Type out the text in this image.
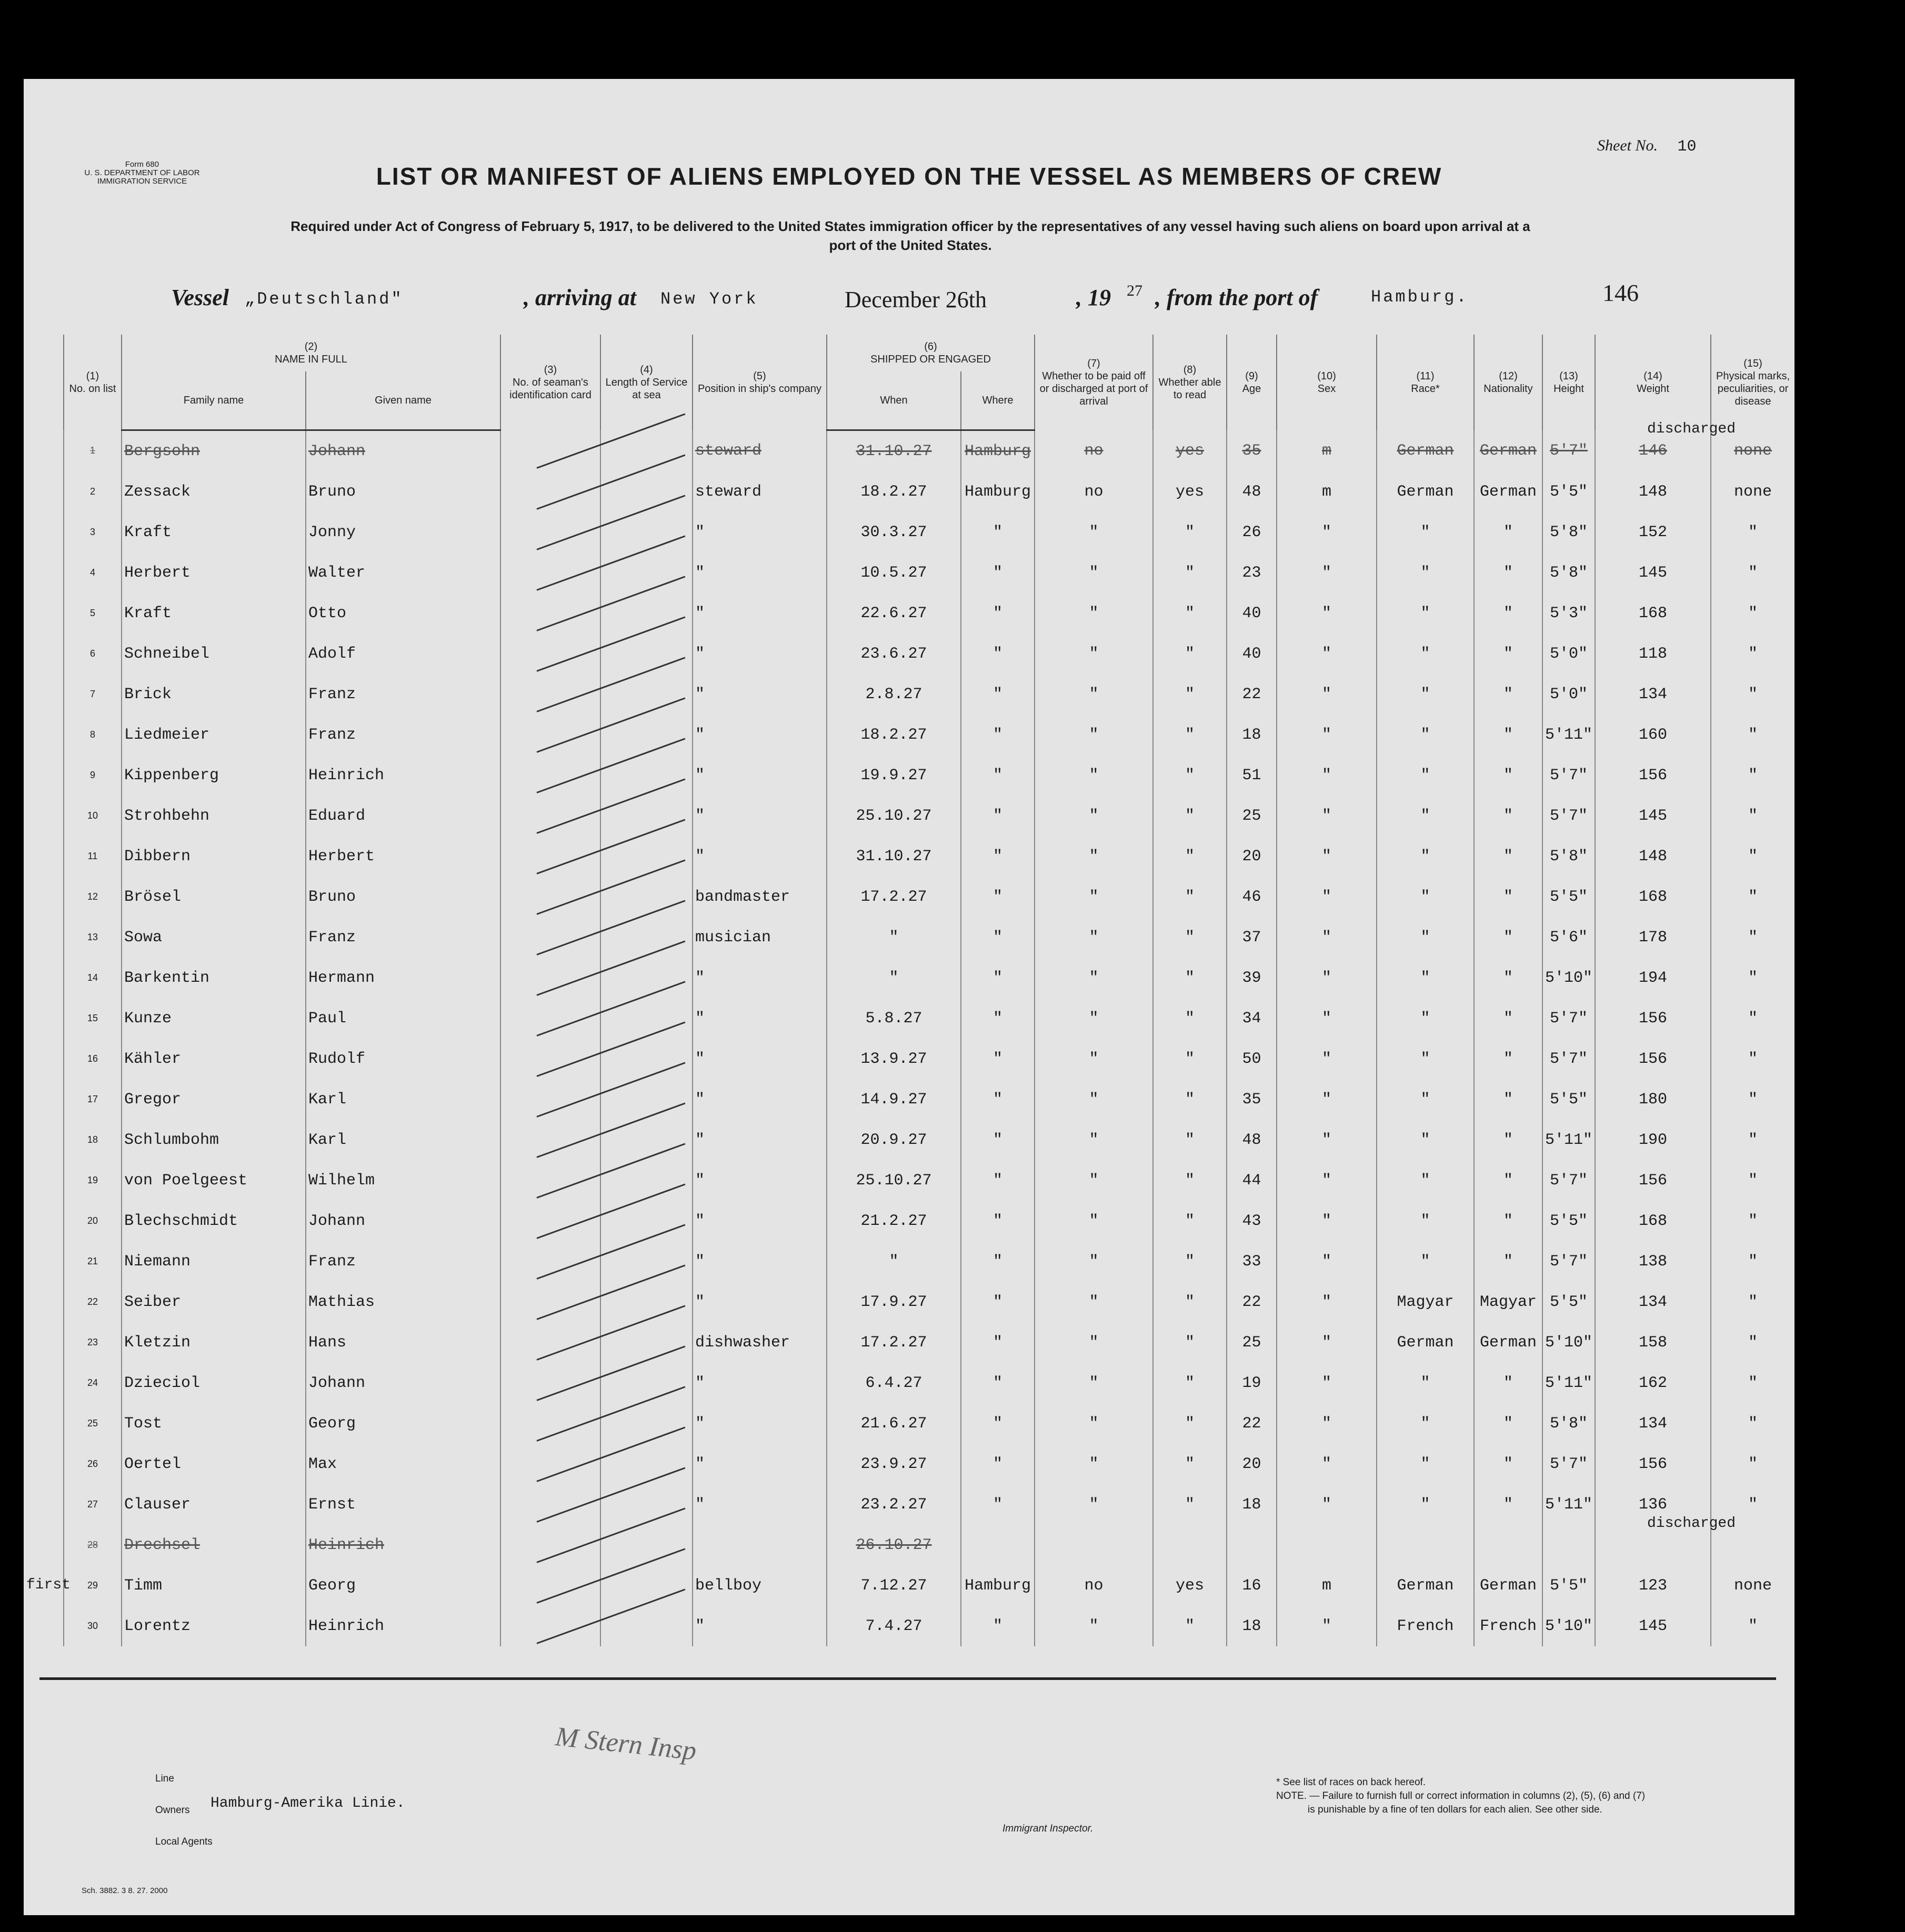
Form 680
U. S. DEPARTMENT OF LABOR
IMMIGRATION SERVICE
Sheet No. 10
LIST OR MANIFEST OF ALIENS EMPLOYED ON THE VESSEL AS MEMBERS OF CREW
Required under Act of Congress of February 5, 1917, to be delivered to the United States immigration officer by the representatives of any vessel having such aliens on board upon arrival at a
port of the United States.
Vessel „Deutschland"	, arriving at New York	December 26th	, 19 27 , from the port of	Hamburg.	146
(1)
No. on list	(2)
NAME IN FULL		(3)
No. of seaman's identification card	(4)
Length of Service at sea	(5)
Position in ship's company	(6)
SHIPPED OR ENGAGED		(7)
Whether to be paid off or discharged at port of arrival	(8)
Whether able to read	(9)
Age	(10)
Sex	(11)
Race*	(12)
Nationality	(13)
Height	(14)
Weight	(15)
Physical marks, peculiarities, or disease
	Family name	Given name				When	Where									
1	Bergsohn	Johann			steward	31.10.27	Hamburg	no	yes	35	m	German	German	5'7"	146	none
2	Zessack	Bruno			steward	18.2.27	Hamburg	no	yes	48	m	German	German	5'5"	148	none
3	Kraft	Jonny			"	30.3.27	"	"	"	26	"	"	"	5'8"	152	"
4	Herbert	Walter			"	10.5.27	"	"	"	23	"	"	"	5'8"	145	"
5	Kraft	Otto			"	22.6.27	"	"	"	40	"	"	"	5'3"	168	"
6	Schneibel	Adolf			"	23.6.27	"	"	"	40	"	"	"	5'0"	118	"
7	Brick	Franz			"	2.8.27	"	"	"	22	"	"	"	5'0"	134	"
8	Liedmeier	Franz			"	18.2.27	"	"	"	18	"	"	"	5'11"	160	"
9	Kippenberg	Heinrich			"	19.9.27	"	"	"	51	"	"	"	5'7"	156	"
10	Strohbehn	Eduard			"	25.10.27	"	"	"	25	"	"	"	5'7"	145	"
11	Dibbern	Herbert			"	31.10.27	"	"	"	20	"	"	"	5'8"	148	"
12	Brösel	Bruno			bandmaster	17.2.27	"	"	"	46	"	"	"	5'5"	168	"
13	Sowa	Franz			musician	"	"	"	"	37	"	"	"	5'6"	178	"
14	Barkentin	Hermann			"	"	"	"	"	39	"	"	"	5'10"	194	"
15	Kunze	Paul			"	5.8.27	"	"	"	34	"	"	"	5'7"	156	"
16	Kähler	Rudolf			"	13.9.27	"	"	"	50	"	"	"	5'7"	156	"
17	Gregor	Karl			"	14.9.27	"	"	"	35	"	"	"	5'5"	180	"
18	Schlumbohm	Karl			"	20.9.27	"	"	"	48	"	"	"	5'11"	190	"
19	von Poelgeest	Wilhelm			"	25.10.27	"	"	"	44	"	"	"	5'7"	156	"
20	Blechschmidt	Johann			"	21.2.27	"	"	"	43	"	"	"	5'5"	168	"
21	Niemann	Franz			"	"	"	"	"	33	"	"	"	5'7"	138	"
22	Seiber	Mathias			"	17.9.27	"	"	"	22	"	Magyar	Magyar	5'5"	134	"
23	Kletzin	Hans			dishwasher	17.2.27	"	"	"	25	"	German	German	5'10"	158	"
24	Dzieciol	Johann			"	6.4.27	"	"	"	19	"	"	"	5'11"	162	"
25	Tost	Georg			"	21.6.27	"	"	"	22	"	"	"	5'8"	134	"
26	Oertel	Max			"	23.9.27	"	"	"	20	"	"	"	5'7"	156	"
27	Clauser	Ernst			"	23.2.27	"	"	"	18	"	"	"	5'11"	136	"
28	Drechsel	Heinrich				26.10.27										
29	Timm	Georg			bellboy	7.12.27	Hamburg	no	yes	16	m	German	German	5'5"	123	none
30	Lorentz	Heinrich			"	7.4.27	"	"	"	18	"	French	French	5'10"	145	"
M Stern Insp
Line
Owners Hamburg-Amerika Linie.
Local Agents
Immigrant Inspector.
* See list of races on back hereof.
NOTE. — Failure to furnish full or correct information in columns (2), (5), (6) and (7)
is punishable by a fine of ten dollars for each alien. See other side.
Sch. 3882. 3 8. 27. 2000
discharged
discharged
first
